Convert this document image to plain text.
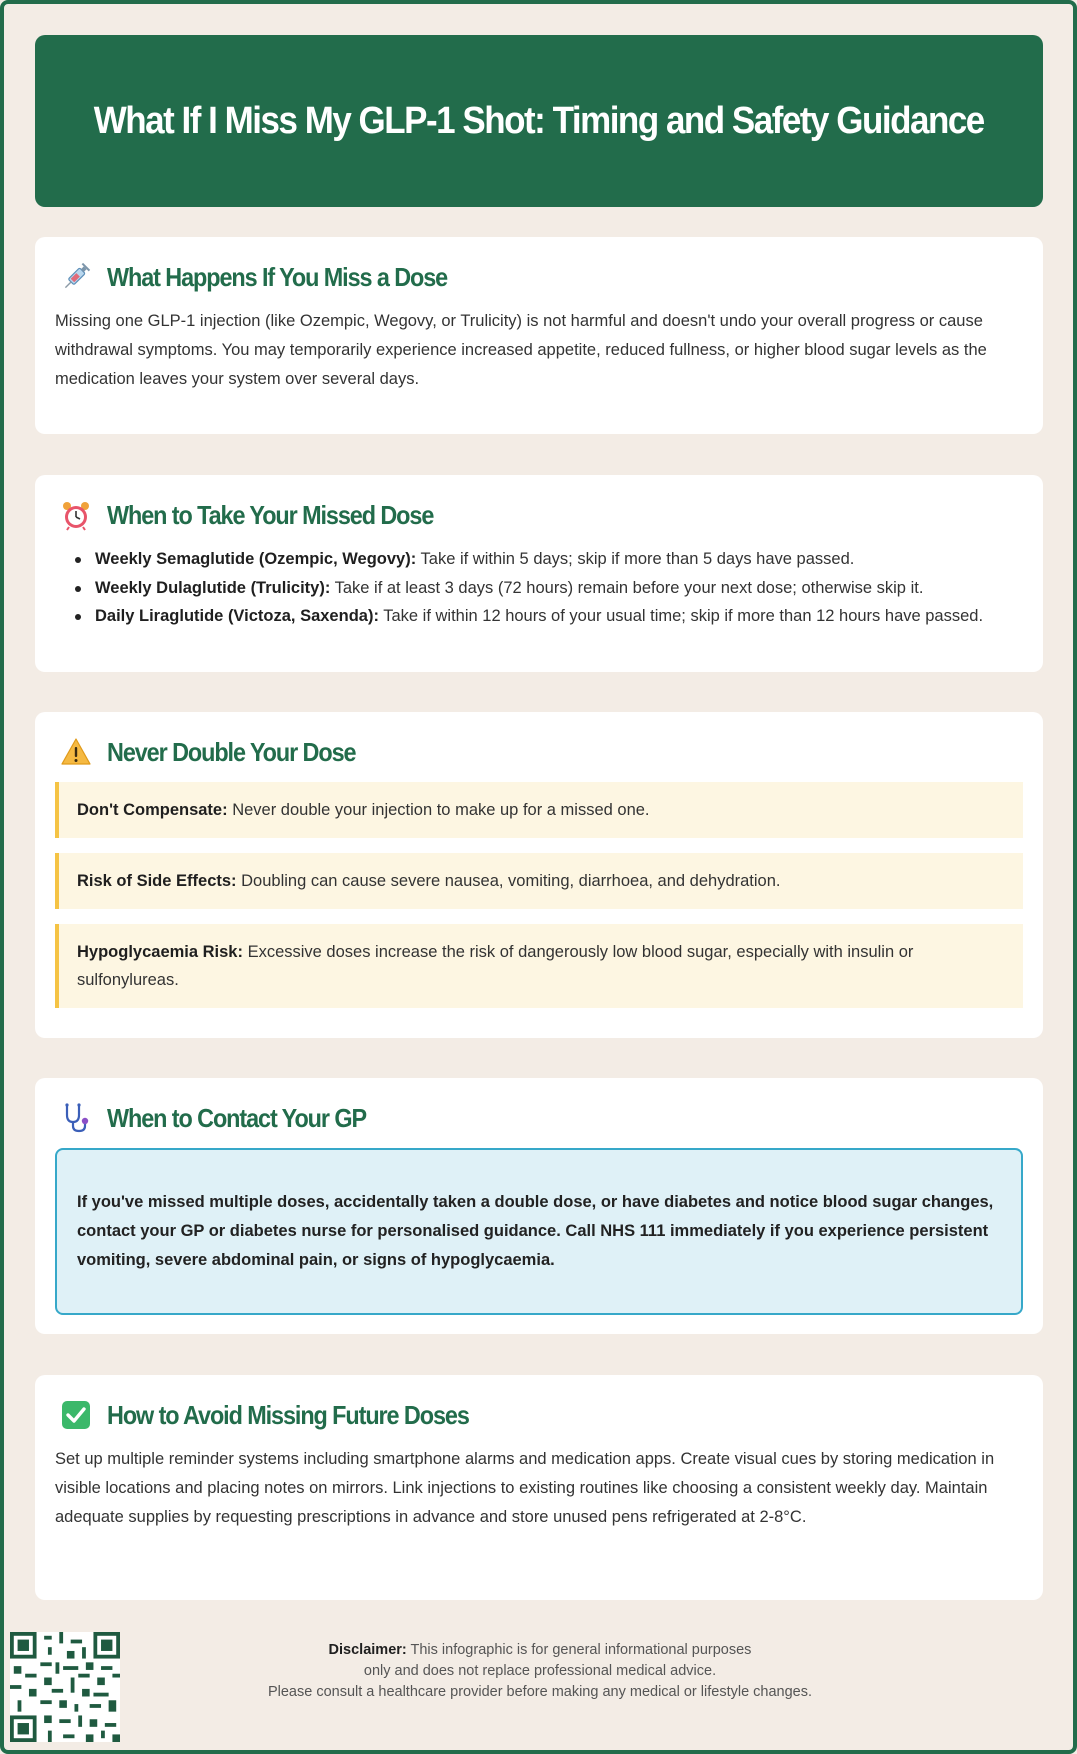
What If I Miss My GLP-1 Shot: Timing and Safety Guidance
What Happens If You Miss a Dose

Missing one GLP-1 injection (like Ozempic, Wegovy, or Trulicity) is not harmful and doesn't undo your overall progress or cause withdrawal symptoms. You may temporarily experience increased appetite, reduced fullness, or higher blood sugar levels as the medication leaves your system over several days.

When to Take Your Missed Dose
Weekly Semaglutide (Ozempic, Wegovy): Take if within 5 days; skip if more than 5 days have passed.
Weekly Dulaglutide (Trulicity): Take if at least 3 days (72 hours) remain before your next dose; otherwise skip it.
Daily Liraglutide (Victoza, Saxenda): Take if within 12 hours of your usual time; skip if more than 12 hours have passed.
Never Double Your Dose
Don't Compensate: Never double your injection to make up for a missed one.
Risk of Side Effects: Doubling can cause severe nausea, vomiting, diarrhoea, and dehydration.
Hypoglycaemia Risk: Excessive doses increase the risk of dangerously low blood sugar, especially with insulin or sulfonylureas.
When to Contact Your GP
If you've missed multiple doses, accidentally taken a double dose, or have diabetes and notice blood sugar changes, contact your GP or diabetes nurse for personalised guidance. Call NHS 111 immediately if you experience persistent vomiting, severe abdominal pain, or signs of hypoglycaemia.
How to Avoid Missing Future Doses

Set up multiple reminder systems including smartphone alarms and medication apps. Create visual cues by storing medication in visible locations and placing notes on mirrors. Link injections to existing routines like choosing a consistent weekly day. Maintain adequate supplies by requesting prescriptions in advance and store unused pens refrigerated at 2-8°C.

Disclaimer: This infographic is for general informational purposes
only and does not replace professional medical advice.
Please consult a healthcare provider before making any medical or lifestyle changes.
